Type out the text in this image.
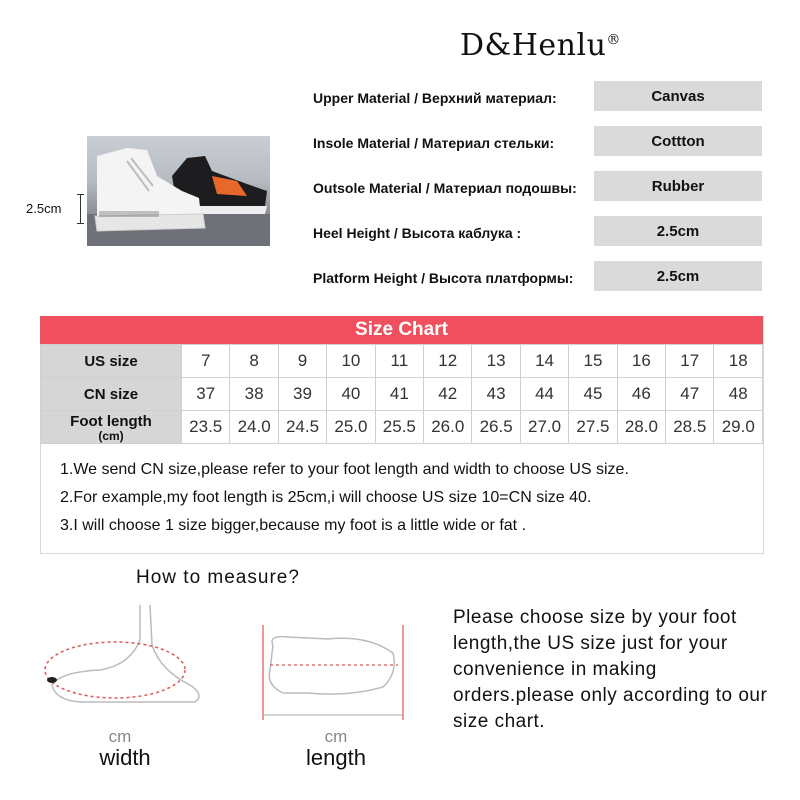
D&Henlu®
2.5cm
Upper Material / Верхний материал:	Canvas
Insole Material / Материал стельки:	Cottton
Outsole Material / Материал подошвы:	Rubber
Heel Height / Высота каблука :	2.5cm
Platform Height / Высота платформы:	2.5cm
Size Chart
US size	7	8	9	10	11	12	13	14	15	16	17	18
CN size	37	38	39	40	41	42	43	44	45	46	47	48
Foot length
(cm)	23.5	24.0	24.5	25.0	25.5	26.0	26.5	27.0	27.5	28.0	28.5	29.0
1.We send CN size,please refer to your foot length and width to choose US size.
2.For example,my foot length is 25cm,i will choose US size 10=CN size 40.
3.I will choose 1 size bigger,because my foot is a little wide or fat .
How to measure?
cm
width
cm
length
Please choose size by your foot length,the US size just for your convenience in making orders.please only according to our size chart.
